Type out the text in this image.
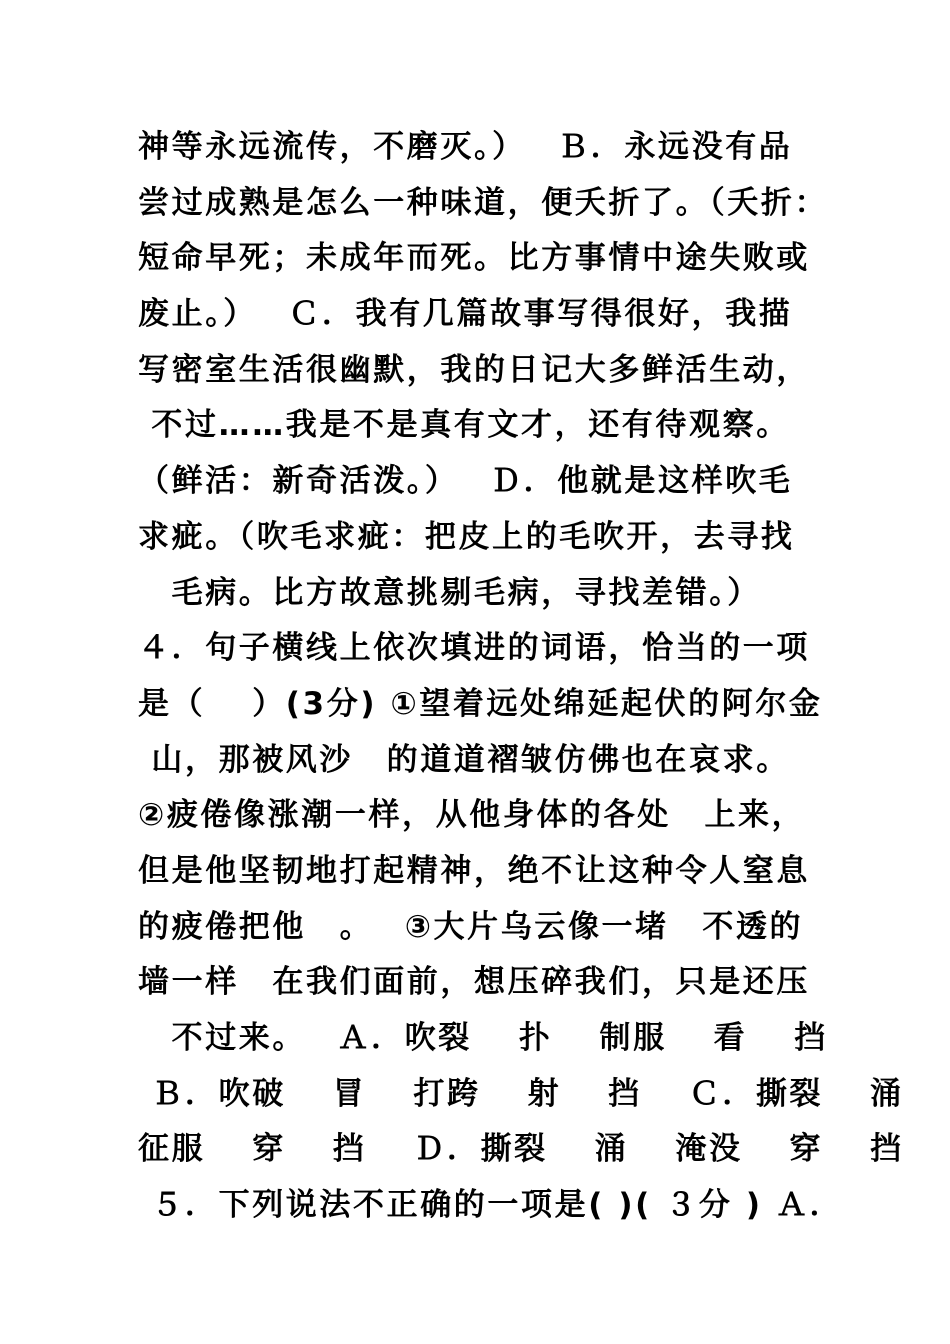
神等永远流传，不磨灭。）　 Ｂ．永远没有品
尝过成熟是怎么一种味道，便夭折了。（夭折：
短命早死；未成年而死。比方事情中途失败或
废止。）　 Ｃ．我有几篇故事写得很好，我描
写密室生活很幽默，我的日记大多鲜活生动，
不过……我是不是真有文才，还有待观察。
（鲜活：新奇活泼。）　 Ｄ．他就是这样吹毛
求疵。（吹毛求疵：把皮上的毛吹开，去寻找
　毛病。比方故意挑剔毛病，寻找差错。）
４．句子横线上依次填进的词语，恰当的一项
是（　 ）(3分) ①望着远处绵延起伏的阿尔金
山，那被风沙　的道道褶皱仿佛也在哀求。
②疲倦像涨潮一样，从他身体的各处　上来，
但是他坚韧地打起精神，绝不让这种令人窒息
的疲倦把他　。　 ③大片乌云像一堵　不透的
墙一样　在我们面前，想压碎我们，只是还压
　不过来。　 Ａ．吹裂　 扑　 制服　 看　 挡
Ｂ．吹破　 冒　 打跨　 射　 挡　 Ｃ．撕裂　 涌
征服　 穿　 挡　 Ｄ．撕裂　 涌　 淹没　 穿　 挡
５．下列说法不正确的一项是( )( ３分 ) Ａ．
